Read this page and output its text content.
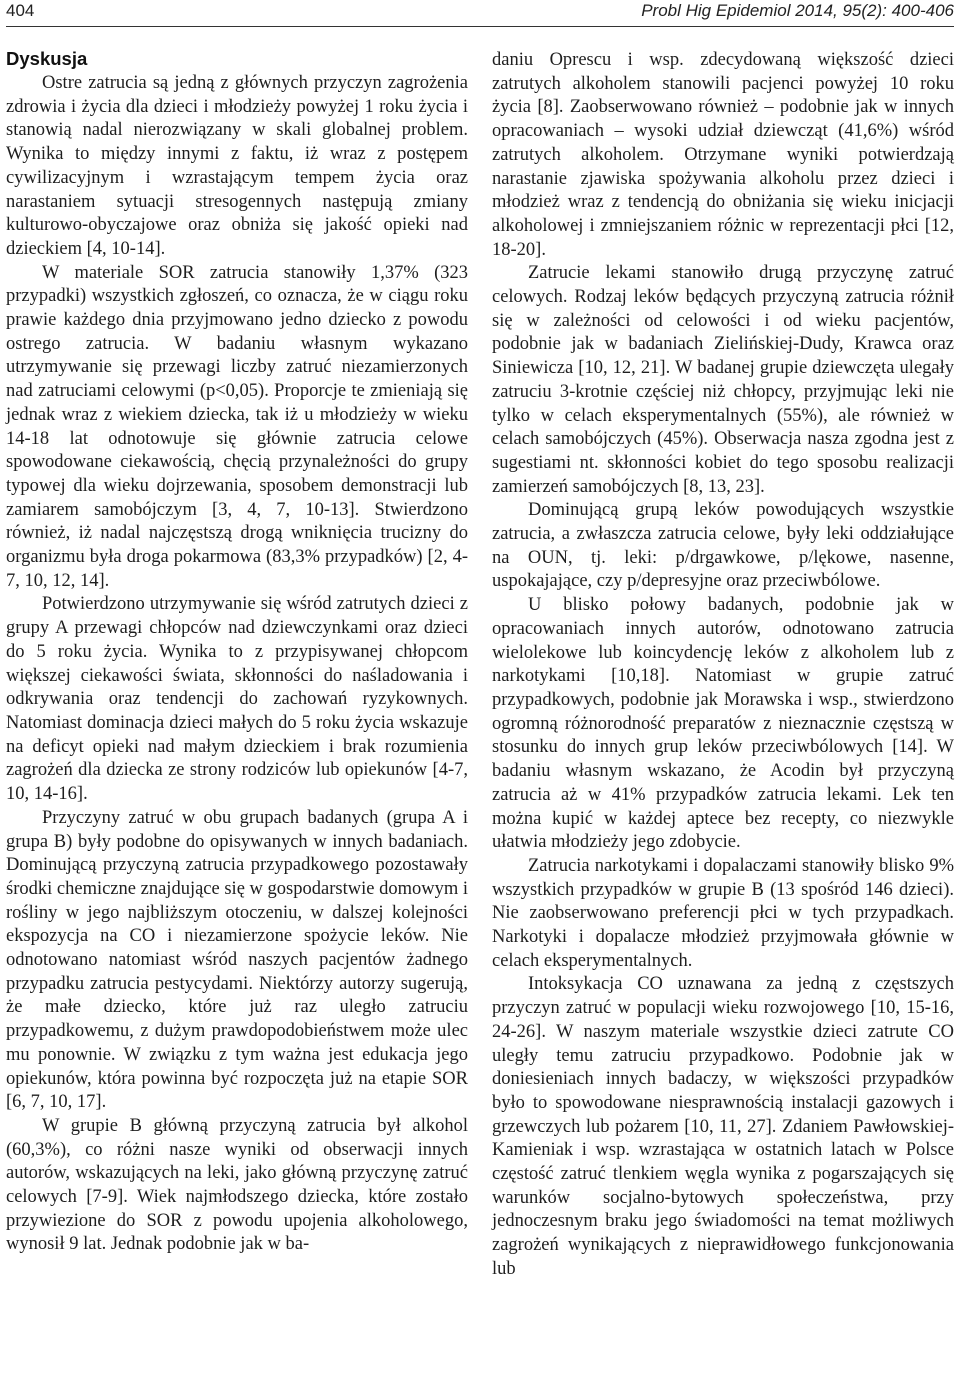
404	Probl Hig Epidemiol 2014, 95(2): 400-406
Dyskusja

Ostre zatrucia są jedną z głównych przyczyn zagrożenia zdrowia i życia dla dzieci i młodzieży powyżej 1 roku życia i stanowią nadal nierozwiązany w skali globalnej problem. Wynika to między innymi z faktu, iż wraz z postępem cywilizacyjnym i wzrastającym tempem życia oraz narastaniem sytuacji stresogennych następują zmiany kulturowo-obyczajowe oraz obniża się jakość opieki nad dzieckiem [4, 10-14].

W materiale SOR zatrucia stanowiły 1,37% (323 przypadki) wszystkich zgłoszeń, co oznacza, że w ciągu roku prawie każdego dnia przyjmowano jedno dziecko z powodu ostrego zatrucia. W badaniu własnym wykazano utrzymywanie się przewagi liczby zatruć niezamierzonych nad zatruciami celowymi (p<0,05). Proporcje te zmieniają się jednak wraz z wiekiem dziecka, tak iż u młodzieży w wieku 14-18 lat odnotowuje się głównie zatrucia celowe spowodowane ciekawością, chęcią przynależności do grupy typowej dla wieku dojrzewania, sposobem demonstracji lub zamiarem samobójczym [3, 4, 7, 10-13]. Stwierdzono również, iż nadal najczęstszą drogą wniknięcia trucizny do organizmu była droga pokarmowa (83,3% przypadków) [2, 4-7, 10, 12, 14].

Potwierdzono utrzymywanie się wśród zatrutych dzieci z grupy A przewagi chłopców nad dziewczynkami oraz dzieci do 5 roku życia. Wynika to z przypisywanej chłopcom większej ciekawości świata, skłonności do naśladowania i odkrywania oraz tendencji do zachowań ryzykownych. Natomiast dominacja dzieci małych do 5 roku życia wskazuje na deficyt opieki nad małym dzieckiem i brak rozumienia zagrożeń dla dziecka ze strony rodziców lub opiekunów [4-7, 10, 14-16].

Przyczyny zatruć w obu grupach badanych (grupa A i grupa B) były podobne do opisywanych w innych badaniach. Dominującą przyczyną zatrucia przypadkowego pozostawały środki chemiczne znajdujące się w gospodarstwie domowym i rośliny w jego najbliższym otoczeniu, w dalszej kolejności ekspozycja na CO i niezamierzone spożycie leków. Nie odnotowano natomiast wśród naszych pacjentów żadnego przypadku zatrucia pestycydami. Niektórzy autorzy sugerują, że małe dziecko, które już raz uległo zatruciu przypadkowemu, z dużym prawdopodobieństwem może ulec mu ponownie. W związku z tym ważna jest edukacja jego opiekunów, która powinna być rozpoczęta już na etapie SOR [6, 7, 10, 17].

W grupie B główną przyczyną zatrucia był alkohol (60,3%), co różni nasze wyniki od obserwacji innych autorów, wskazujących na leki, jako główną przyczynę zatruć celowych [7-9]. Wiek najmłodszego dziecka, które zostało przywiezione do SOR z powodu upojenia alkoholowego, wynosił 9 lat. Jednak podobnie jak w ba-

daniu Oprescu i wsp. zdecydowaną większość dzieci zatrutych alkoholem stanowili pacjenci powyżej 10 roku życia [8]. Zaobserwowano również – podobnie jak w innych opracowaniach – wysoki udział dziewcząt (41,6%) wśród zatrutych alkoholem. Otrzymane wyniki potwierdzają narastanie zjawiska spożywania alkoholu przez dzieci i młodzież wraz z tendencją do obniżania się wieku inicjacji alkoholowej i zmniejszaniem różnic w reprezentacji płci [12, 18-20].

Zatrucie lekami stanowiło drugą przyczynę zatruć celowych. Rodzaj leków będących przyczyną zatrucia różnił się w zależności od celowości i od wieku pacjentów, podobnie jak w badaniach Zielińskiej-Dudy, Krawca oraz Siniewicza [10, 12, 21]. W badanej grupie dziewczęta ulegały zatruciu 3-krotnie częściej niż chłopcy, przyjmując leki nie tylko w celach eksperymentalnych (55%), ale również w celach samobójczych (45%). Obserwacja nasza zgodna jest z sugestiami nt. skłonności kobiet do tego sposobu realizacji zamierzeń samobójczych [8, 13, 23].

Dominującą grupą leków powodujących wszystkie zatrucia, a zwłaszcza zatrucia celowe, były leki oddziałujące na OUN, tj. leki: p/drgawkowe, p/lękowe, nasenne, uspokajające, czy p/depresyjne oraz przeciwbólowe.

U blisko połowy badanych, podobnie jak w opracowaniach innych autorów, odnotowano zatrucia wielolekowe lub koincydencję leków z alkoholem lub z narkotykami [10,18]. Natomiast w grupie zatruć przypadkowych, podobnie jak Morawska i wsp., stwierdzono ogromną różnorodność preparatów z nieznacznie częstszą w stosunku do innych grup leków przeciwbólowych [14]. W badaniu własnym wskazano, że Acodin był przyczyną zatrucia aż w 41% przypadków zatrucia lekami. Lek ten można kupić w każdej aptece bez recepty, co niezwykle ułatwia młodzieży jego zdobycie.

Zatrucia narkotykami i dopalaczami stanowiły blisko 9% wszystkich przypadków w grupie B (13 spośród 146 dzieci). Nie zaobserwowano preferencji płci w tych przypadkach. Narkotyki i dopalacze młodzież przyjmowała głównie w celach eksperymentalnych.

Intoksykacja CO uznawana za jedną z częstszych przyczyn zatruć w populacji wieku rozwojowego [10, 15-16, 24-26]. W naszym materiale wszystkie dzieci zatrute CO uległy temu zatruciu przypadkowo. Podobnie jak w doniesieniach innych badaczy, w większości przypadków było to spowodowane niesprawnością instalacji gazowych i grzewczych lub pożarem [10, 11, 27]. Zdaniem Pawłowskiej-Kamieniak i wsp. wzrastająca w ostatnich latach w Polsce częstość zatruć tlenkiem węgla wynika z pogarszających się warunków socjalno-bytowych społeczeństwa, przy jednoczesnym braku jego świadomości na temat możliwych zagrożeń wynikających z nieprawidłowego funkcjonowania lub
